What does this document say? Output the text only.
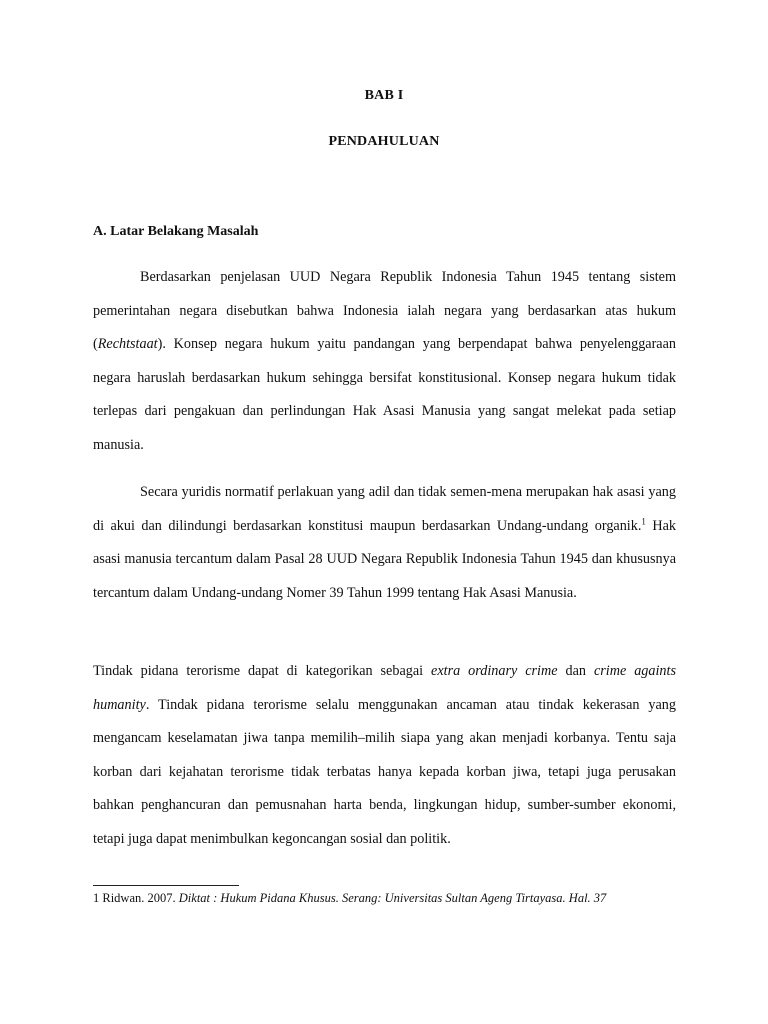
BAB I
PENDAHULUAN
A. Latar Belakang Masalah

Berdasarkan penjelasan UUD Negara Republik Indonesia Tahun 1945 tentang sistem pemerintahan negara disebutkan bahwa Indonesia ialah negara yang berdasarkan atas hukum (Rechtstaat). Konsep negara hukum yaitu pandangan yang berpendapat bahwa penyelenggaraan negara haruslah berdasarkan hukum sehingga bersifat konstitusional. Konsep negara hukum tidak terlepas dari pengakuan dan perlindungan Hak Asasi Manusia yang sangat melekat pada setiap manusia.

Secara yuridis normatif perlakuan yang adil dan tidak semen-mena merupakan hak asasi yang di akui dan dilindungi berdasarkan konstitusi maupun berdasarkan Undang-undang organik.$^1$ Hak asasi manusia tercantum dalam Pasal 28 UUD Negara Republik Indonesia Tahun 1945 dan khususnya tercantum dalam Undang-undang Nomer 39 Tahun 1999 tentang Hak Asasi Manusia.

Tindak pidana terorisme dapat di kategorikan sebagai extra ordinary crime dan crime againts humanity. Tindak pidana terorisme selalu menggunakan ancaman atau tindak kekerasan yang mengancam keselamatan jiwa tanpa memilih–milih siapa yang akan menjadi korbanya. Tentu saja korban dari kejahatan terorisme tidak terbatas hanya kepada korban jiwa, tetapi juga perusakan bahkan penghancuran dan pemusnahan harta benda, lingkungan hidup, sumber-sumber ekonomi, tetapi juga dapat menimbulkan kegoncangan sosial dan politik.

1 Ridwan. 2007. Diktat : Hukum Pidana Khusus. Serang: Universitas Sultan Ageng Tirtayasa. Hal. 37
